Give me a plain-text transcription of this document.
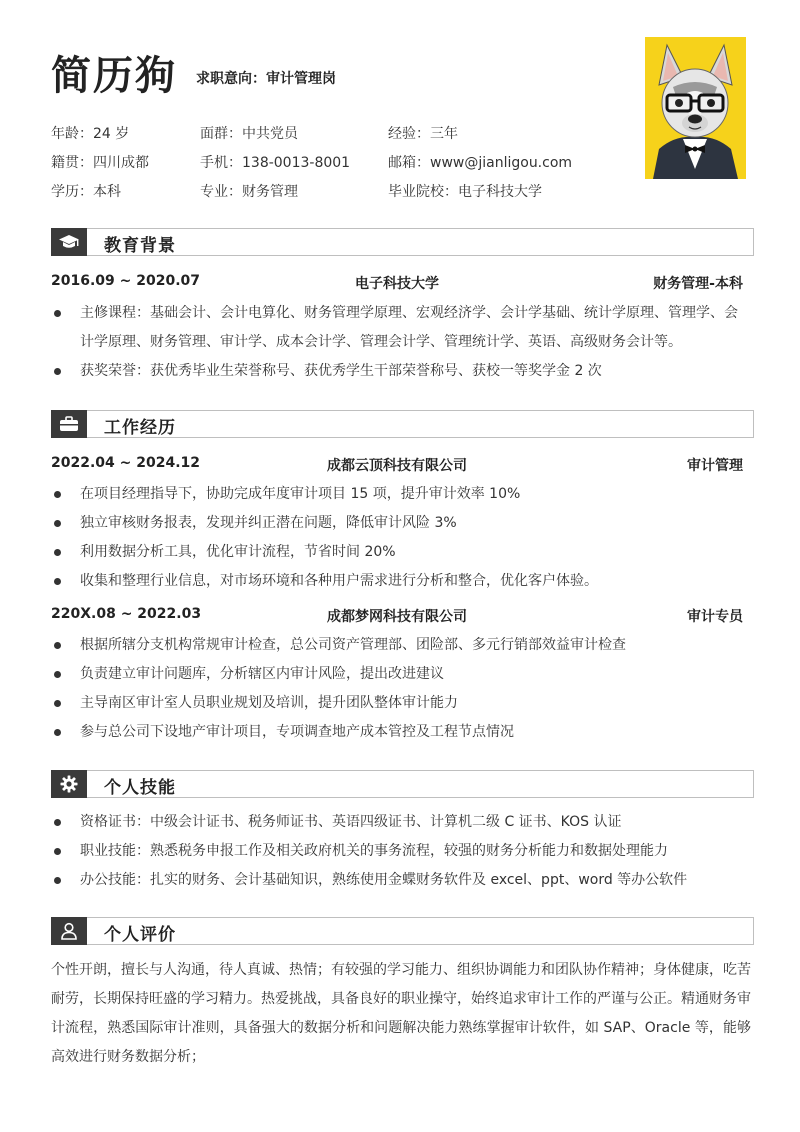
简历狗 求职意向：审计管理岗
年龄：24 岁	面群：中共党员	经验：三年
籍贯：四川成都	手机：138-0013-8001	邮箱：www@jianligou.com
学历：本科	专业：财务管理	毕业院校：电子科技大学
教育背景
2016.09 ~ 2020.07	电子科技大学	财务管理-本科
主修课程：基础会计、会计电算化、财务管理学原理、宏观经济学、会计学基础、统计学原理、管理学、会计学原理、财务管理、审计学、成本会计学、管理会计学、管理统计学、英语、高级财务会计等。
获奖荣誉：获优秀毕业生荣誉称号、获优秀学生干部荣誉称号、获校一等奖学金 2 次
工作经历
2022.04 ~ 2024.12	成都云顶科技有限公司	审计管理
在项目经理指导下，协助完成年度审计项目 15 项，提升审计效率 10%
独立审核财务报表，发现并纠正潜在问题，降低审计风险 3%
利用数据分析工具，优化审计流程，节省时间 20%
收集和整理行业信息，对市场环境和各种用户需求进行分析和整合，优化客户体验。
220X.08 ~ 2022.03	成都梦网科技有限公司	审计专员
根据所辖分支机构常规审计检查，总公司资产管理部、团险部、多元行销部效益审计检查
负责建立审计问题库，分析辖区内审计风险，提出改进建议
主导南区审计室人员职业规划及培训，提升团队整体审计能力
参与总公司下设地产审计项目，专项调查地产成本管控及工程节点情况
个人技能
资格证书：中级会计证书、税务师证书、英语四级证书、计算机二级 C 证书、KOS 认证
职业技能：熟悉税务申报工作及相关政府机关的事务流程，较强的财务分析能力和数据处理能力
办公技能：扎实的财务、会计基础知识，熟练使用金蝶财务软件及 excel、ppt、word 等办公软件
个人评价
个性开朗，擅长与人沟通，待人真诚、热情；有较强的学习能力、组织协调能力和团队协作精神；身体健康，吃苦耐劳，长期保持旺盛的学习精力。热爱挑战，具备良好的职业操守，始终追求审计工作的严谨与公正。精通财务审计流程，熟悉国际审计准则，具备强大的数据分析和问题解决能力熟练掌握审计软件，如 SAP、Oracle 等，能够高效进行财务数据分析；
